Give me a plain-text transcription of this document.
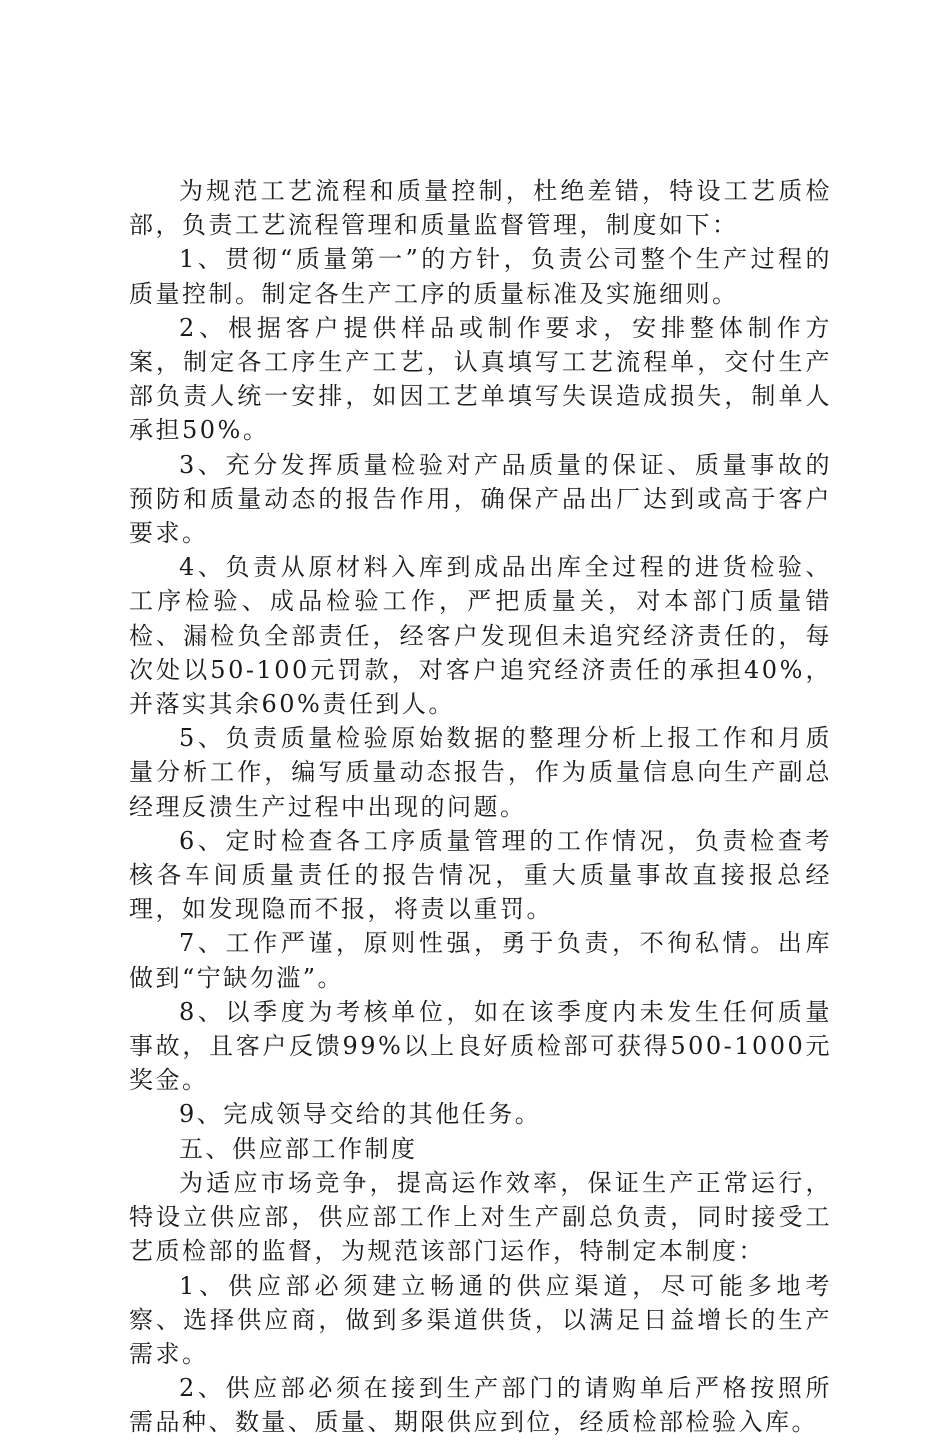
为规范工艺流程和质量控制，杜绝差错，特设工艺质检部，负责工艺流程管理和质量监督管理，制度如下：

1、贯彻“质量第一”的方针，负责公司整个生产过程的质量控制。制定各生产工序的质量标准及实施细则。

2、根据客户提供样品或制作要求，安排整体制作方案，制定各工序生产工艺，认真填写工艺流程单，交付生产部负责人统一安排，如因工艺单填写失误造成损失，制单人承担50%。

3、充分发挥质量检验对产品质量的保证、质量事故的预防和质量动态的报告作用，确保产品出厂达到或高于客户要求。

4、负责从原材料入库到成品出库全过程的进货检验、工序检验、成品检验工作，严把质量关，对本部门质量错检、漏检负全部责任，经客户发现但未追究经济责任的，每次处以50-100元罚款，对客户追究经济责任的承担40%，并落实其余60%责任到人。

5、负责质量检验原始数据的整理分析上报工作和月质量分析工作，编写质量动态报告，作为质量信息向生产副总经理反溃生产过程中出现的问题。

6、定时检查各工序质量管理的工作情况，负责检查考核各车间质量责任的报告情况，重大质量事故直接报总经理，如发现隐而不报，将责以重罚。

7、工作严谨，原则性强，勇于负责，不徇私情。出库做到“宁缺勿滥”。

8、以季度为考核单位，如在该季度内未发生任何质量事故，且客户反馈99%以上良好质检部可获得500-1000元奖金。

9、完成领导交给的其他任务。

五、供应部工作制度

为适应市场竞争，提高运作效率，保证生产正常运行，特设立供应部，供应部工作上对生产副总负责，同时接受工艺质检部的监督，为规范该部门运作，特制定本制度：

1、供应部必须建立畅通的供应渠道，尽可能多地考察、选择供应商，做到多渠道供货，以满足日益增长的生产需求。

2、供应部必须在接到生产部门的请购单后严格按照所需品种、数量、质量、期限供应到位，经质检部检验入库。
